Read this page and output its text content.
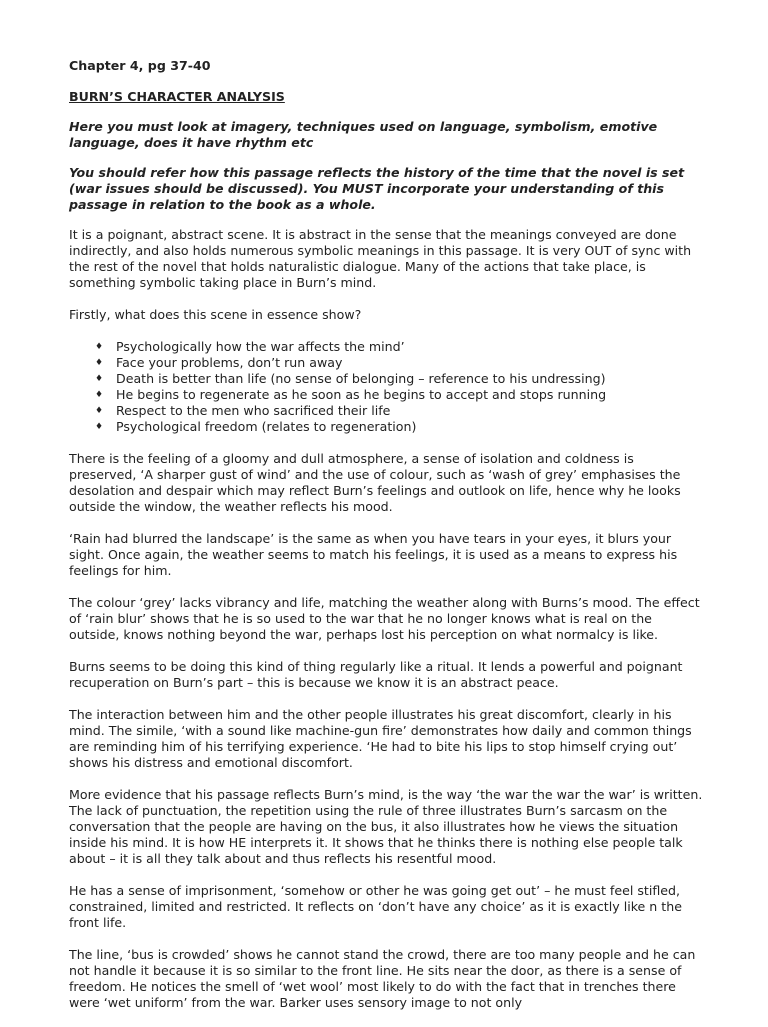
Chapter 4, pg 37-40
BURN’S CHARACTER ANALYSIS
Here you must look at imagery, techniques used on language, symbolism, emotive language, does it have rhythm etc
You should refer how this passage reflects the history of the time that the novel is set (war issues should be discussed). You MUST incorporate your understanding of this passage in relation to the book as a whole.

It is a poignant, abstract scene. It is abstract in the sense that the meanings conveyed are done indirectly, and also holds numerous symbolic meanings in this passage. It is very OUT of sync with the rest of the novel that holds naturalistic dialogue. Many of the actions that take place, is something symbolic taking place in Burn’s mind.

Firstly, what does this scene in essence show?

♦ Psychologically how the war affects the mind’
♦ Face your problems, don’t run away
♦ Death is better than life (no sense of belonging – reference to his undressing)
♦ He begins to regenerate as he soon as he begins to accept and stops running
♦ Respect to the men who sacrificed their life
♦ Psychological freedom (relates to regeneration)

There is the feeling of a gloomy and dull atmosphere, a sense of isolation and coldness is preserved, ‘A sharper gust of wind’ and the use of colour, such as ‘wash of grey’ emphasises the desolation and despair which may reflect Burn’s feelings and outlook on life, hence why he looks outside the window, the weather reflects his mood.

‘Rain had blurred the landscape’ is the same as when you have tears in your eyes, it blurs your sight. Once again, the weather seems to match his feelings, it is used as a means to express his feelings for him.

The colour ‘grey’ lacks vibrancy and life, matching the weather along with Burns’s mood. The effect of ‘rain blur’ shows that he is so used to the war that he no longer knows what is real on the outside, knows nothing beyond the war, perhaps lost his perception on what normalcy is like.

Burns seems to be doing this kind of thing regularly like a ritual. It lends a powerful and poignant recuperation on Burn’s part – this is because we know it is an abstract peace.

The interaction between him and the other people illustrates his great discomfort, clearly in his mind. The simile, ‘with a sound like machine-gun fire’ demonstrates how daily and common things are reminding him of his terrifying experience. ‘He had to bite his lips to stop himself crying out’ shows his distress and emotional discomfort.

More evidence that his passage reflects Burn’s mind, is the way ‘the war the war the war’ is written. The lack of punctuation, the repetition using the rule of three illustrates Burn’s sarcasm on the conversation that the people are having on the bus, it also illustrates how he views the situation inside his mind. It is how HE interprets it. It shows that he thinks there is nothing else people talk about – it is all they talk about and thus reflects his resentful mood.

He has a sense of imprisonment, ‘somehow or other he was going get out’ – he must feel stifled, constrained, limited and restricted. It reflects on ‘don’t have any choice’ as it is exactly like n the front life.

The line, ‘bus is crowded’ shows he cannot stand the crowd, there are too many people and he can not handle it because it is so similar to the front line. He sits near the door, as there is a sense of freedom. He notices the smell of ‘wet wool’ most likely to do with the fact that in trenches there were ‘wet uniform’ from the war. Barker uses sensory image to not only
